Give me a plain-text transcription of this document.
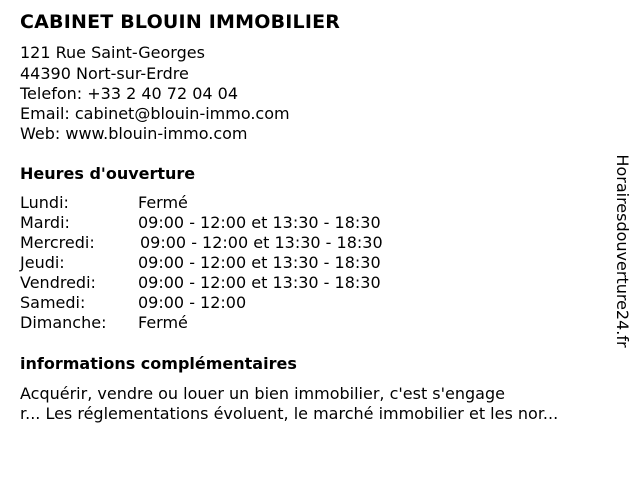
CABINET BLOUIN IMMOBILIER
121 Rue Saint-Georges
44390 Nort-sur-Erdre
Telefon: +33 2 40 72 04 04
Email: cabinet@blouin-immo.com
Web: www.blouin-immo.com
Heures d'ouverture
Lundi:	Fermé
Mardi:	09:00 - 12:00 et 13:30 - 18:30
Mercredi:	09:00 - 12:00 et 13:30 - 18:30
Jeudi:	09:00 - 12:00 et 13:30 - 18:30
Vendredi:	09:00 - 12:00 et 13:30 - 18:30
Samedi:	09:00 - 12:00
Dimanche: Fermé
informations complémentaires
Acquérir, vendre ou louer un bien immobilier, c'est s'engage
r... Les réglementations évoluent, le marché immobilier et les nor...
Horairesdouverture24.fr
